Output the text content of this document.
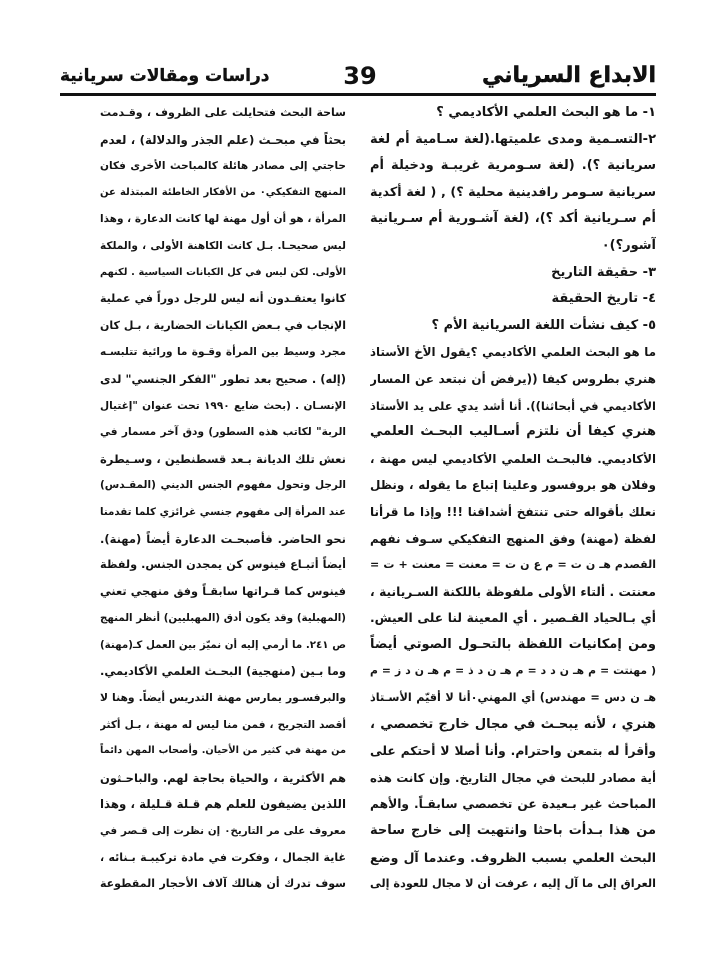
الابداع السرياني
39
دراسات ومقالات سريانية
١- ما هو البحث العلمي الأكاديمي ؟
٢-التسـمية ومدى علميتها.(لغة سـامية أم لغة
سريانية ؟). (لغة سـومرية غريبـة ودخيلة أم
سريانية سـومر رافدينية محلية ؟) , ( لغة أكدية
أم سـريانية أكد ؟)، (لغة آشـورية أم سـريانية
آشور؟)٠
٣- حقيقة التاريخ
٤- تاريخ الحقيقة
٥- كيف نشأت اللغة السريانية الأم ؟
ما هو البحث العلمي الأكاديمي ؟يقول الأخ الأستاذ
هنري بطروس كيفا ((يرفض أن نبتعد عن المسار
الأكاديمي في أبحاثنا)). أنا أشد يدي على يد الأستاذ
هنري كيفا أن نلتزم أسـاليب البحـث العلمي
الأكاديمي. فالبحـث العلمي الأكاديمي ليس مهنة ،
وفلان هو بروفسور وعلينا إتباع ما يقوله ، ونظل
نعلك بأقواله حتى تنتفخ أشداقنا !!! وإذا ما قرأنا
لفظة (مهنة) وفق المنهج التفكيكي سـوف نفهم
القصدم هـ ن ت = م ع ن ت = معنت = معنت + ت =
معنتت . ألتاء الأولى ملفوظة باللكنة السـريانية ،
أي بـالحياد القـصير . أي المعينة لنا على العيش.
ومن إمكانيات اللفظة بالتحـول الصوتي أيضاً
( مهنتت = م هـ ن د د = م هـ ن د ذ = م هـ ن د ز = م
هـ ن دس = مهندس) أي المهني٠أنا لا أقيّم الأسـتاذ
هنري ، لأنه يبحـث في مجال خارج تخصصي ،
وأقرأ له بتمعن واحترام. وأنا أصلا لا أحتكم على
أية مصادر للبحث في مجال التاريخ. وإن كانت هذه
المباحث غير بـعيدة عن تخصصي سابقـاً. والأهم
من هذا بـدأت باحثا وانتهيت إلى خارج ساحة
البحث العلمي بسبب الظروف. وعندما آل وضع
العراق إلى ما آل إليه ، عرفت أن لا مجال للعودة إلى
ساحة البحث فتحايلت على الظروف ، وقـدمت
بحثاً في مبحـث (علم الجذر والدلالة) ، لعدم
حاجتي إلى مصادر هائلة كالمباحث الأخرى فكان
المنهج التفكيكي٠ من الأفكار الخاطئة المبتذلة عن
المرأة ، هو أن أول مهنة لها كانت الدعارة ، وهذا
ليس صحيحـا. بـل كانت الكاهنة الأولى ، والملكة
الأولى. لكن ليس في كل الكيانات السياسية . لكنهم
كانوا يعتقـدون أنه ليس للرجل دوراً في عملية
الإنجاب في بـعض الكيانات الحضارية ، بـل كان
مجرد وسيط بين المرأة وقـوة ما ورائية تتلبسـه
(إله) . صحيح بعد تطور "الفكر الجنسي" لدى
الإنسـان . (بحث ضايع ١٩٩٠ تحت عنوان "إغتيال
الربة" لكاتب هذه السطور) ودق آخر مسمار في
نعش تلك الديانة بـعد قسطنطين ، وسـيطرة
الرجل وتحول مفهوم الجنس الديني (المقـدس)
عند المرأة إلى مفهوم جنسي غرائزي كلما تقدمنا
نحو الحاضر. فأصبحـت الدعارة أيضاً (مهنة).
أيضاً أتبـاع فينوس كن يمجدن الجنس. ولفظة
فينوس كما قـراتها سابقـاً وفق منهجي تعني
(المهبلية) وقد يكون أدق (المهبليين) أنظر المنهج
ص ٢٤١. ما أرمي إليه أن نميّز بين العمل كـ(مهنة)
وما بـين (منهجية) البحـث العلمي الأكاديمي.
والبرفسـور يمارس مهنة التدريس أيضاً. وهنا لا
أقصد التجريح ، فمن منا ليس له مهنة ، بـل أكثر
من مهنة في كثير من الأحيان. وأصحاب المهن دائماً
هم الأكثرية ، والحياة بحاجة لهم. والباحـثون
اللذين يضيفون للعلم هم قـلة قـليلة ، وهذا
معروف على مر التاريخ٠ إن نظرت إلى قـصر في
غاية الجمال ، وفكرت في مادة تركيبـة بـنائه ،
سوف تدرك أن هنالك آلاف الأحجار المقطوعة
